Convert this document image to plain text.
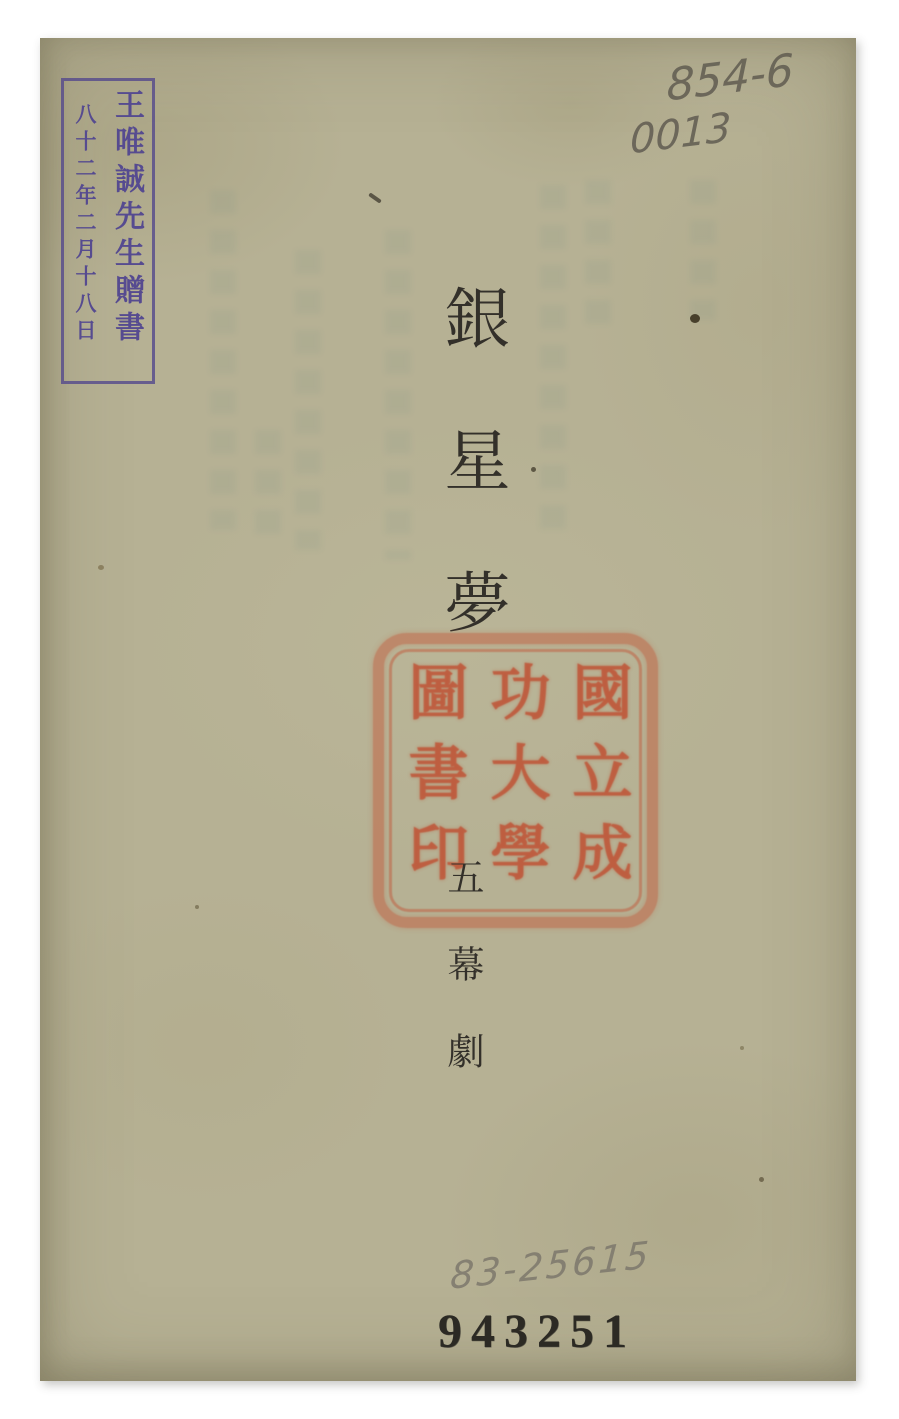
王唯誠先生贈書
八十二年二月十八日
854-6
0013
銀星夢
國立成
功大學
圖書印
五幕劇
83-25615
943251
